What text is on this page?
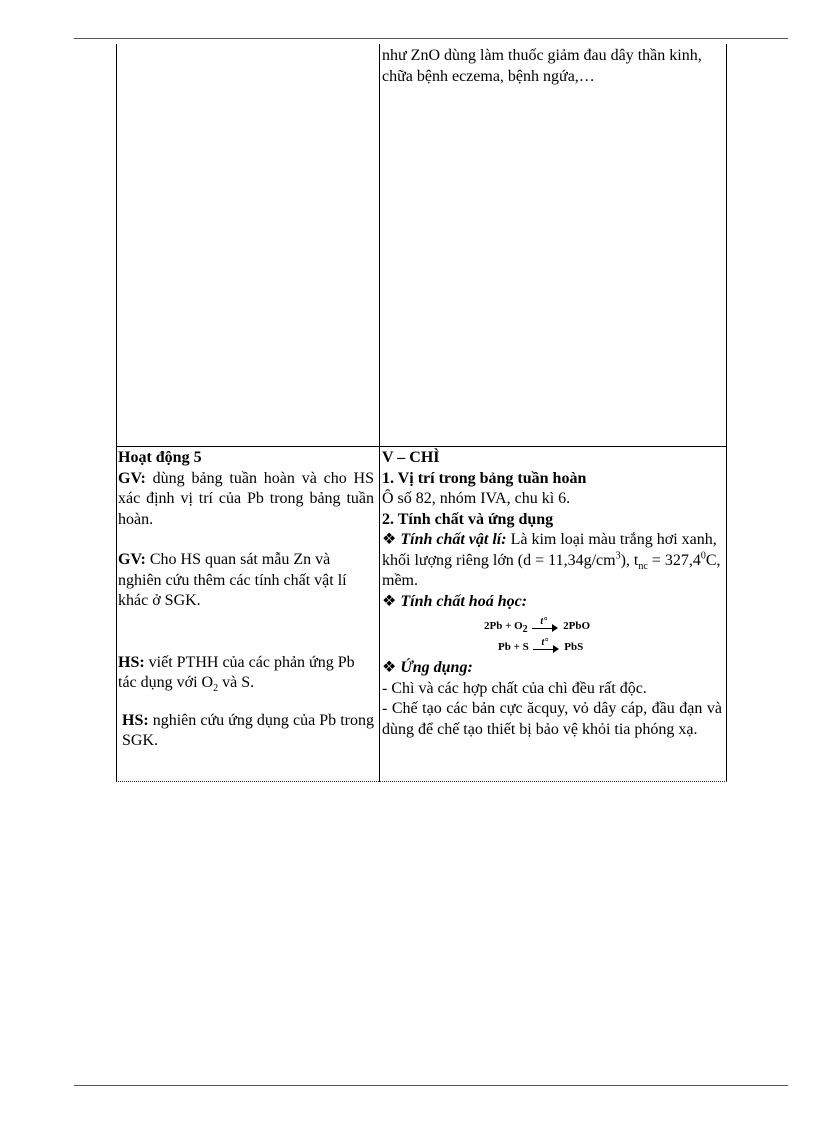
như ZnO dùng làm thuốc giảm đau dây thần kinh, chữa bệnh eczema, bệnh ngứa,…

Hoạt động 5

GV: dùng bảng tuần hoàn và cho HS xác định vị trí của Pb trong bảng tuần hoàn.

GV: Cho HS quan sát mẫu Zn và nghiên cứu thêm các tính chất vật lí khác ở SGK.

HS: viết PTHH của các phản ứng Pb tác dụng với $O_2$ và S.

HS: nghiên cứu ứng dụng của Pb trong SGK.

V – CHÌ

1. Vị trí trong bảng tuần hoàn

Ô số 82, nhóm IVA, chu kì 6.

2. Tính chất và ứng dụng

❖ Tính chất vật lí: Là kim loại màu trắng hơi xanh, khối lượng riêng lớn $(d = 11,34g/cm^3)$, $t_{nc} = 327,4^0C$, mềm.

❖ Tính chất hoá học:

$2Pb + O_2$
t° 2PbO
Pb + S t° PbS

❖ Ứng dụng:

- Chì và các hợp chất của chì đều rất độc.

- Chế tạo các bản cực ăcquy, vỏ dây cáp, đầu đạn và dùng để chế tạo thiết bị bảo vệ khỏi tia phóng xạ.
